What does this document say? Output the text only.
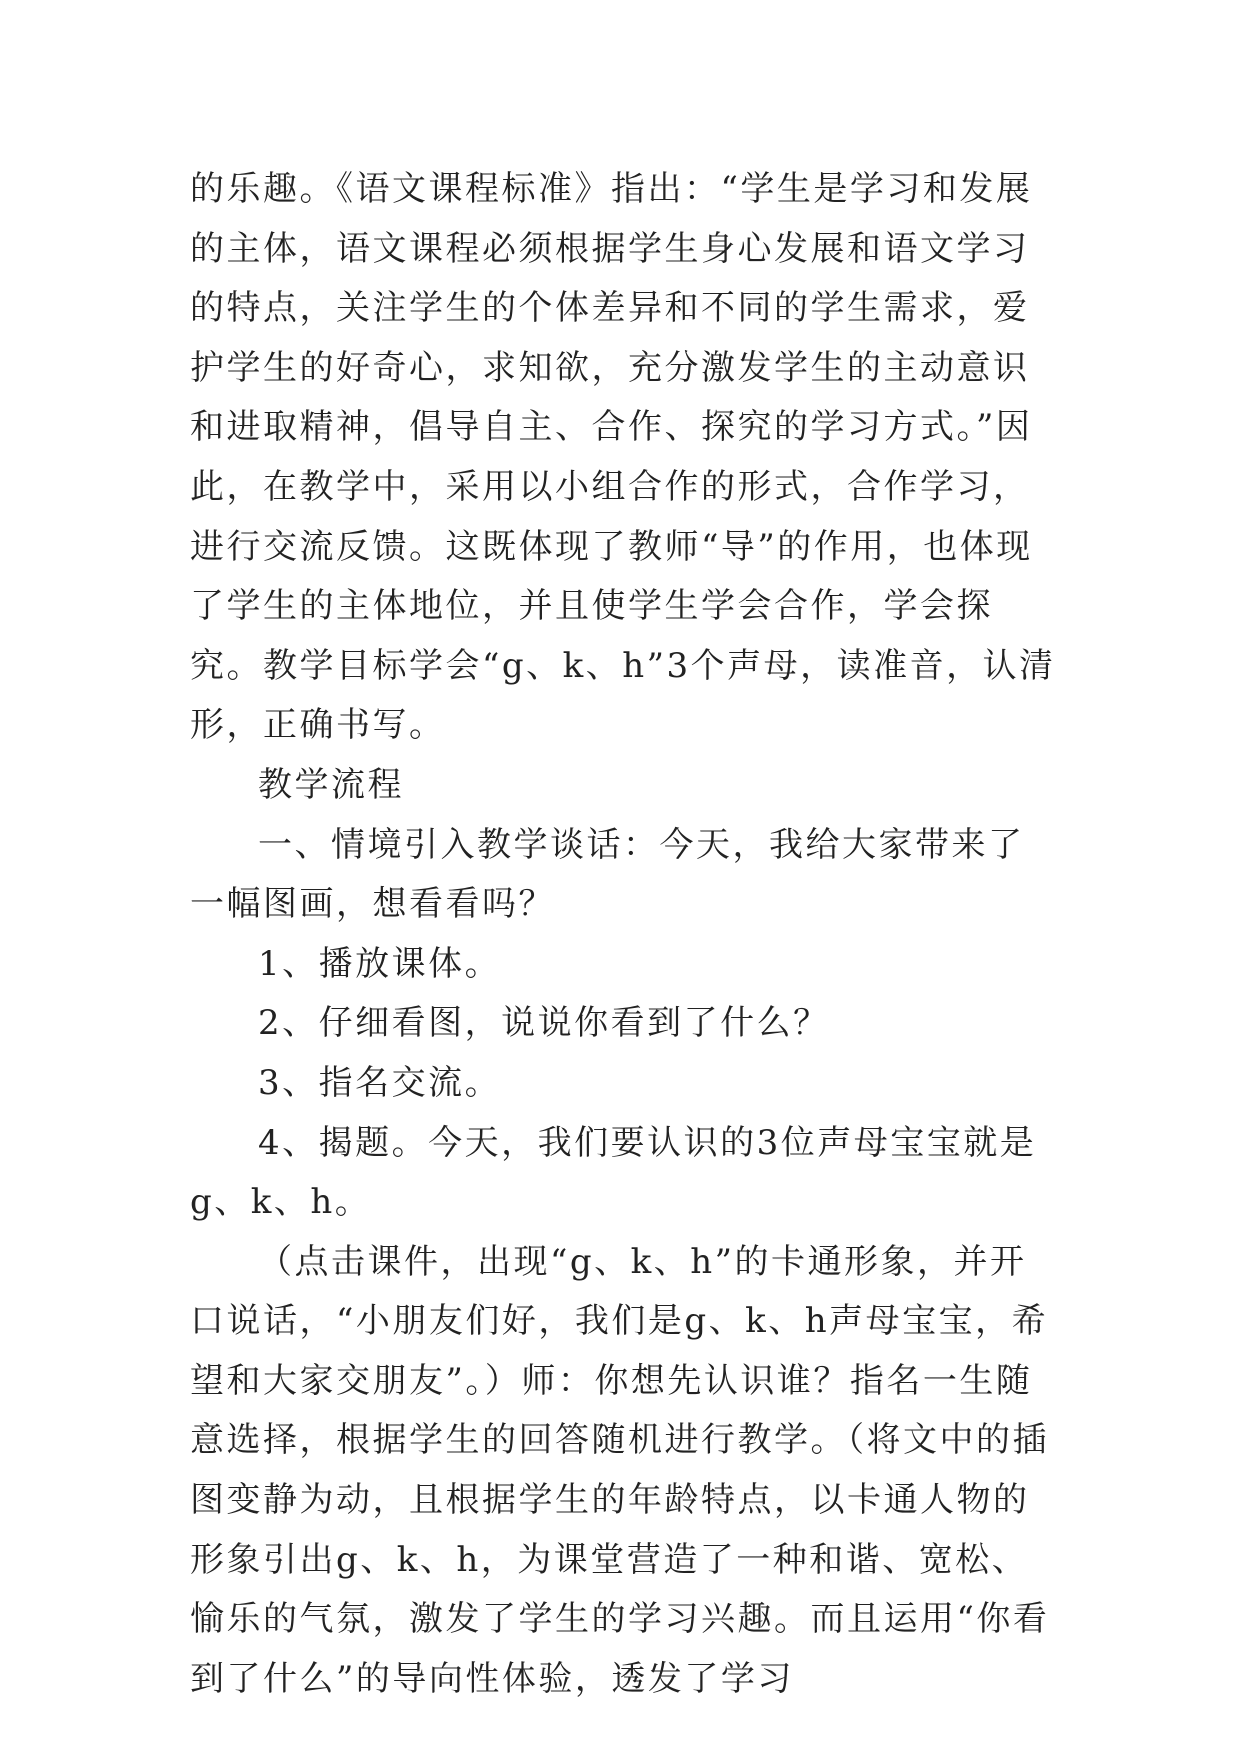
的乐趣。《语文课程标准》指出：“学生是学习和发展的主体，语文课程必须根据学生身心发展和语文学习的特点，关注学生的个体差异和不同的学生需求，爱护学生的好奇心，求知欲，充分激发学生的主动意识和进取精神，倡导自主、合作、探究的学习方式。”因此，在教学中，采用以小组合作的形式，合作学习，进行交流反馈。这既体现了教师“导”的作用，也体现了学生的主体地位，并且使学生学会合作，学会探究。教学目标学会“g、k、h”3个声母，读准音，认清形，正确书写。

教学流程

一、情境引入教学谈话：今天，我给大家带来了一幅图画，想看看吗？

1、播放课体。

2、仔细看图，说说你看到了什么？

3、指名交流。

4、揭题。今天，我们要认识的3位声母宝宝就是g、k、h。

（点击课件，出现“g、k、h”的卡通形象，并开口说话，“小朋友们好，我们是g、k、h声母宝宝，希望和大家交朋友”。）师：你想先认识谁？指名一生随意选择，根据学生的回答随机进行教学。（将文中的插图变静为动，且根据学生的年龄特点，以卡通人物的形象引出g、k、h，为课堂营造了一种和谐、宽松、愉乐的气氛，激发了学生的学习兴趣。而且运用“你看到了什么”的导向性体验，透发了学习
